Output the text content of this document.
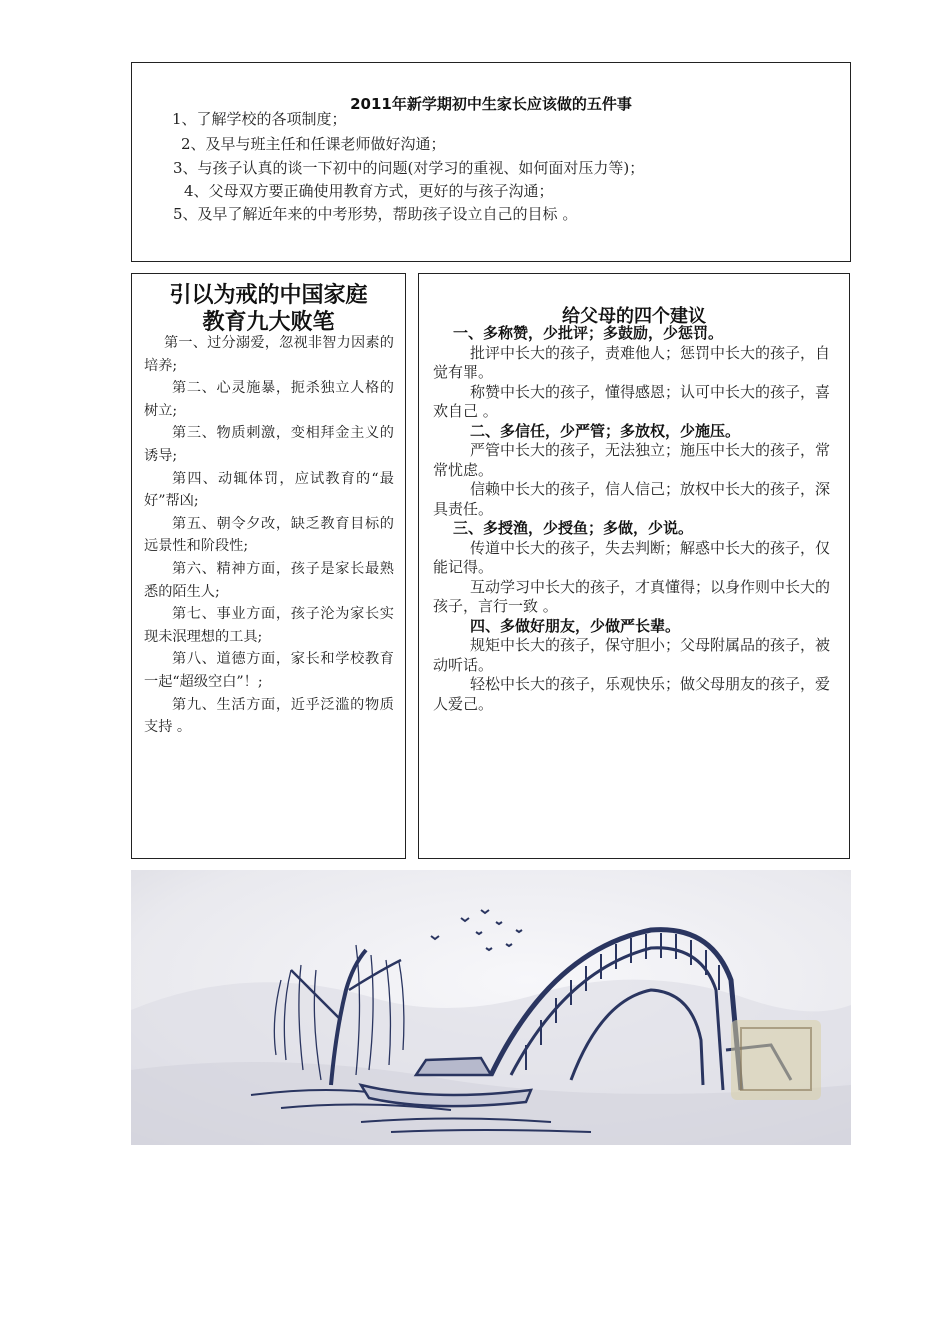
2011年新学期初中生家长应该做的五件事
1、了解学校的各项制度；
2、及早与班主任和任课老师做好沟通；
3、与孩子认真的谈一下初中的问题(对学习的重视、如何面对压力等)；
4、父母双方要正确使用教育方式，更好的与孩子沟通；
5、及早了解近年来的中考形势，帮助孩子设立自己的目标 。
引以为戒的中国家庭
教育九大败笔

第一、过分溺爱，忽视非智力因素的培养;

第二、心灵施暴，扼杀独立人格的树立;

第三、物质刺激，变相拜金主义的诱导;

第四、动辄体罚，应试教育的“最好”帮凶;

第五、朝令夕改，缺乏教育目标的远景性和阶段性;

第六、精神方面，孩子是家长最熟悉的陌生人;

第七、事业方面，孩子沦为家长实现未泯理想的工具;

第八、道德方面，家长和学校教育一起“超级空白”！;

第九、生活方面，近乎泛滥的物质支持 。

给父母的四个建议

一、多称赞，少批评；多鼓励，少惩罚。

批评中长大的孩子，责难他人；惩罚中长大的孩子，自觉有罪。

称赞中长大的孩子，懂得感恩；认可中长大的孩子，喜欢自己 。

二、多信任，少严管；多放权，少施压。

严管中长大的孩子，无法独立；施压中长大的孩子，常常忧虑。

信赖中长大的孩子，信人信己；放权中长大的孩子，深具责任。

三、多授渔，少授鱼；多做，少说。

传道中长大的孩子，失去判断；解惑中长大的孩子，仅能记得。

互动学习中长大的孩子，才真懂得；以身作则中长大的孩子，言行一致 。

四、多做好朋友，少做严长辈。

规矩中长大的孩子，保守胆小；父母附属品的孩子，被动听话。

轻松中长大的孩子，乐观快乐；做父母朋友的孩子，爱人爱己。
